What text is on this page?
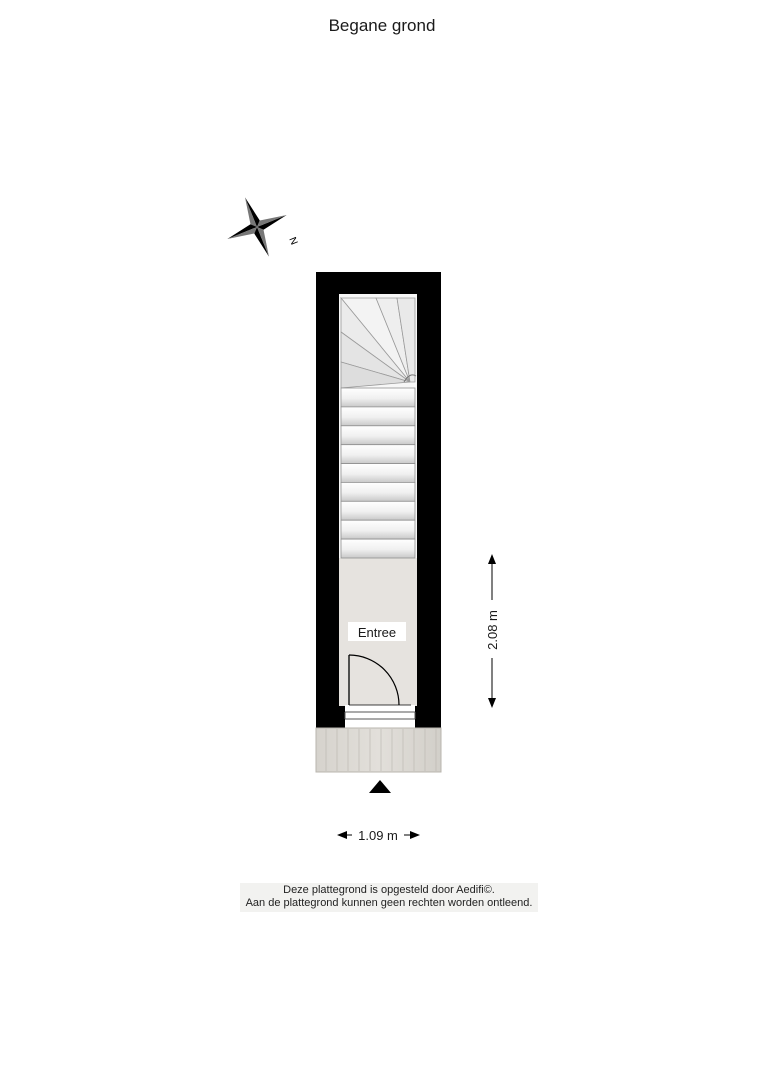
Begane grond
N
Entree	2.08 m
1.09 m
Deze plattegrond is opgesteld door Aedifi©.
Aan de plattegrond kunnen geen rechten worden ontleend.
